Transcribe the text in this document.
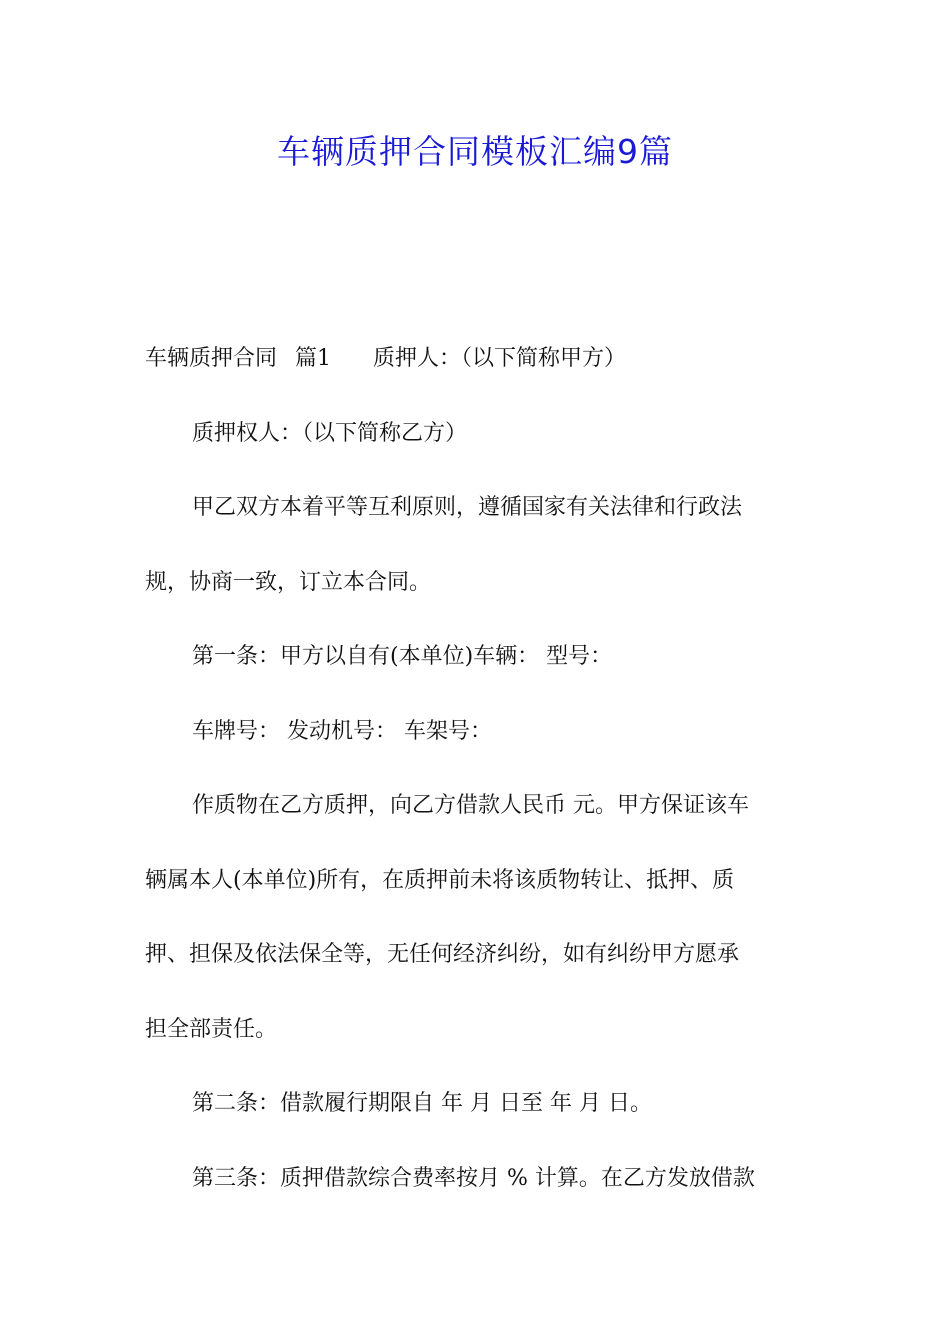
车辆质押合同模板汇编9篇

车辆质押合同 篇1 质押人：（以下简称甲方）

质押权人：（以下简称乙方）

甲乙双方本着平等互利原则，遵循国家有关法律和行政法

规，协商一致，订立本合同。

第一条：甲方以自有(本单位)车辆： 型号：

车牌号： 发动机号： 车架号：

作质物在乙方质押，向乙方借款人民币 元。甲方保证该车

辆属本人(本单位)所有，在质押前未将该质物转让、抵押、质

押、担保及依法保全等，无任何经济纠纷，如有纠纷甲方愿承

担全部责任。

第二条：借款履行期限自 年 月 日至 年 月 日。

第三条：质押借款综合费率按月 % 计算。在乙方发放借款
